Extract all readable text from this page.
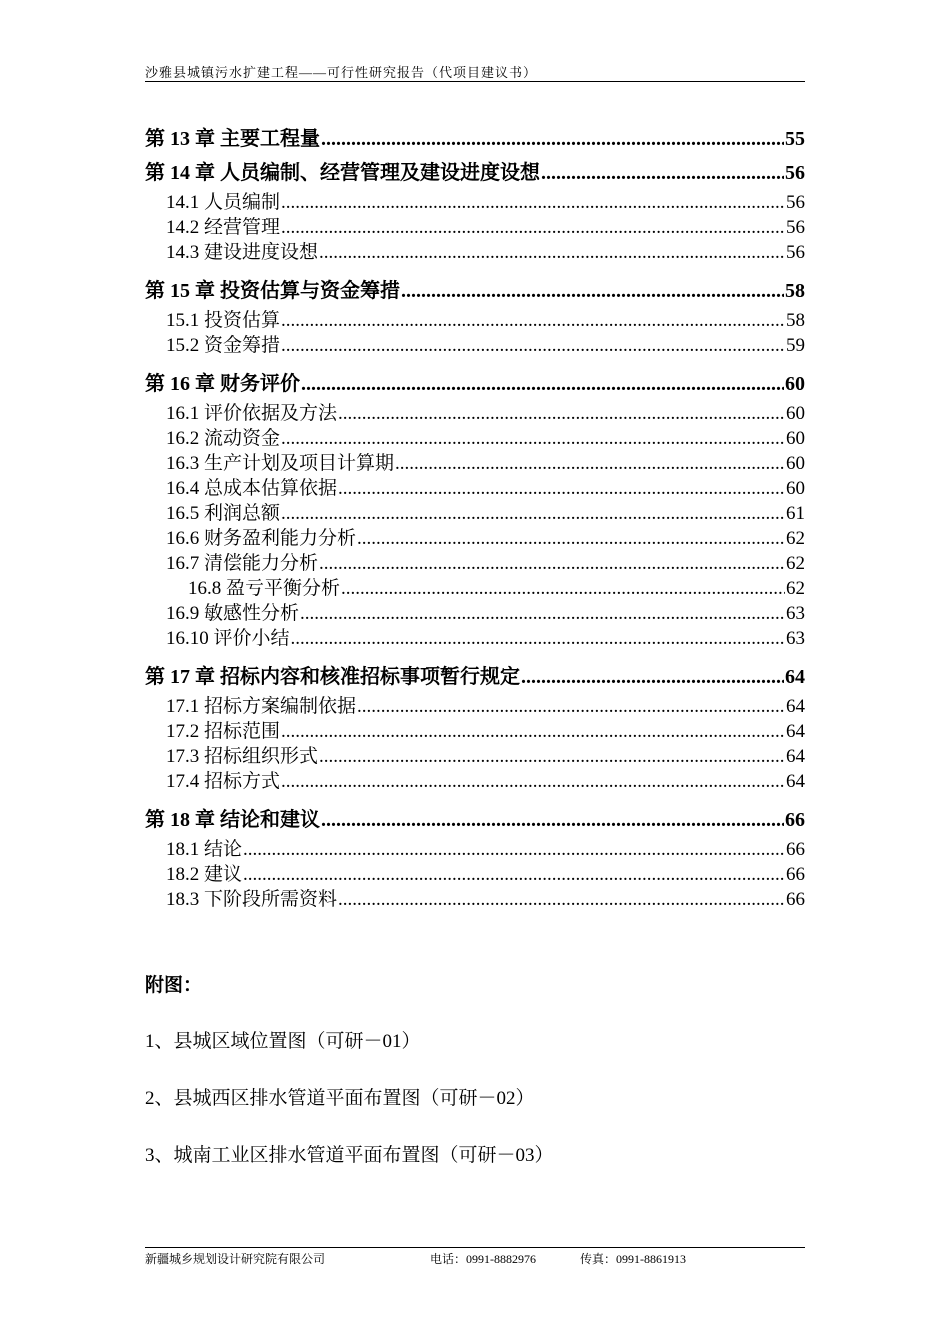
沙雅县城镇污水扩建工程——可行性研究报告（代项目建议书）
第 13 章 主要工程量 .....	55
第 14 章 人员编制、经营管理及建设进度设想 .....	56
14.1 人员编制 .....	56
14.2 经营管理 .....	56
14.3 建设进度设想 .....	56
第 15 章 投资估算与资金筹措 .....	58
15.1 投资估算 .....	58
15.2 资金筹措 .....	59
第 16 章 财务评价 .....	60
16.1 评价依据及方法 .....	60
16.2 流动资金 .....	60
16.3 生产计划及项目计算期 .....	60
16.4 总成本估算依据 .....	60
16.5 利润总额 .....	61
16.6 财务盈利能力分析 .....	62
16.7 清偿能力分析 .....	62
16.8 盈亏平衡分析 .....	62
16.9 敏感性分析 .....	63
16.10 评价小结 .....	63
第 17 章 招标内容和核准招标事项暂行规定 .....	64
17.1 招标方案编制依据 .....	64
17.2 招标范围 .....	64
17.3 招标组织形式 .....	64
17.4 招标方式 .....	64
第 18 章 结论和建议 .....	66
18.1 结论 .....	66
18.2 建议 .....	66
18.3 下阶段所需资料 .....	66
附图：
1、县城区域位置图（可研－01）
2、县城西区排水管道平面布置图（可研－02）
3、城南工业区排水管道平面布置图（可研－03）
新疆城乡规划设计研究院有限公司	电话：0991-8882976	传真：0991-8861913
